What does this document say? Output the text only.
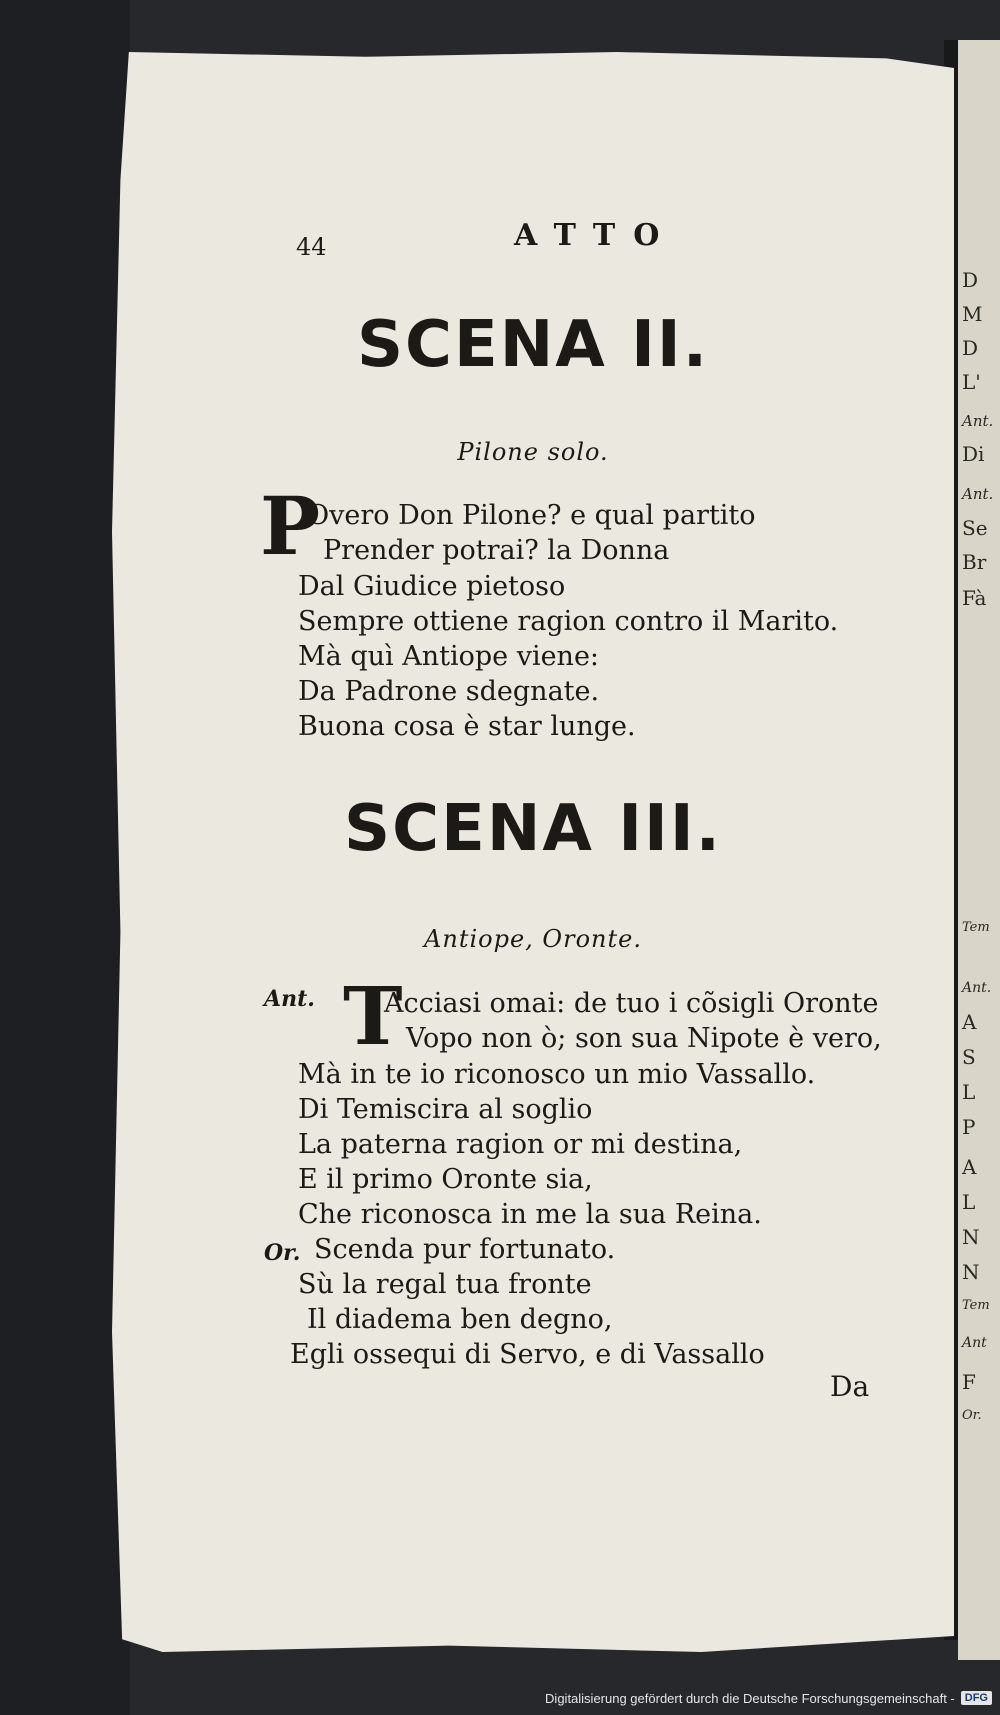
D
M
D
L'
Ant.
Di
Ant.
Se
Br
Fà
Tem
Ant.
A
S
L
P
A
L
N
N
Tem
Ant
F
Or.
44	ATTO
SCENA II.
Pilone solo.
P
Overo Don Pilone? e qual partito
Prender potrai? la Donna
Dal Giudice pietoso
Sempre ottiene ragion contro il Marito.
Mà quì Antiope viene:
Da Padrone sdegnate.
Buona cosa è star lunge.
SCENA III.
Antiope, Oronte.
Ant. T
Acciasi omai: de tuo i cõsigli Oronte
Vopo non ò; son sua Nipote è vero,
Mà in te io riconosco un mio Vassallo.
Di Temiscira al soglio
La paterna ragion or mi destina,
E il primo Oronte sia,
Che riconosca in me la sua Reina.
Or. Scenda pur fortunato.
Sù la regal tua fronte
Il diadema ben degno,
Egli ossequi di Servo, e di Vassallo
Da
Digitalisierung gefördert durch die Deutsche Forschungsgemeinschaft - DFG
